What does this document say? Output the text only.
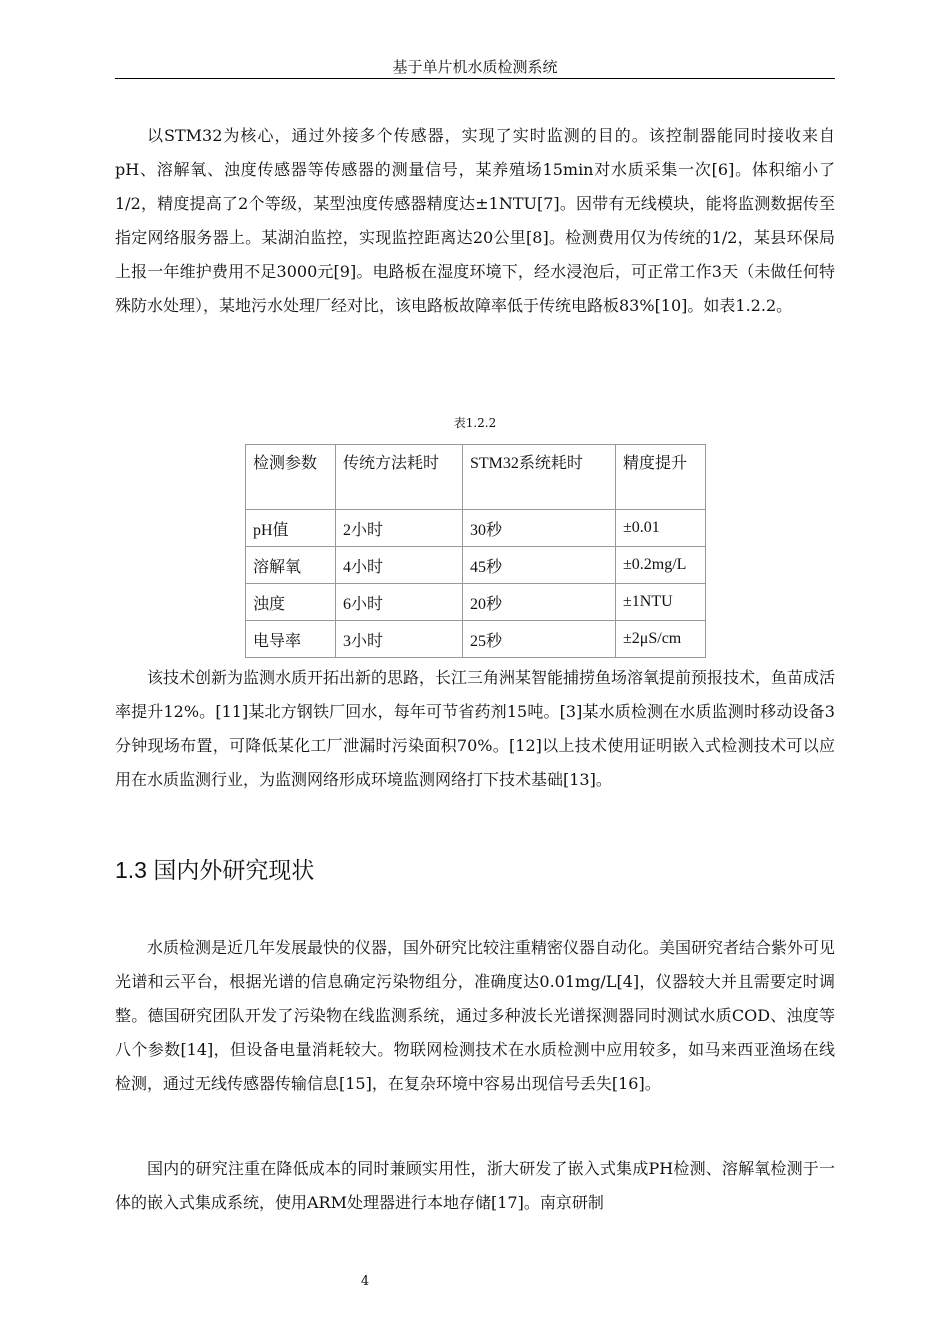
基于单片机水质检测系统

以STM32为核心，通过外接多个传感器，实现了实时监测的目的。该控制器能同时接收来自pH、溶解氧、浊度传感器等传感器的测量信号，某养殖场15min对水质采集一次[6]。体积缩小了1/2，精度提高了2个等级，某型浊度传感器精度达±1NTU[7]。因带有无线模块，能将监测数据传至指定网络服务器上。某湖泊监控，实现监控距离达20公里[8]。检测费用仅为传统的1/2，某县环保局上报一年维护费用不足3000元[9]。电路板在湿度环境下，经水浸泡后，可正常工作3天（未做任何特殊防水处理），某地污水处理厂经对比，该电路板故障率低于传统电路板83%[10]。如表1.2.2。

表1.2.2
检测参数	传统方法耗时	STM32系统耗时	精度提升
pH值	2小时	30秒	±0.01
溶解氧	4小时	45秒	±0.2mg/L
浊度	6小时	20秒	±1NTU
电导率	3小时	25秒	±2μS/cm

该技术创新为监测水质开拓出新的思路，长江三角洲某智能捕捞鱼场溶氧提前预报技术，鱼苗成活率提升12%。[11]某北方钢铁厂回水，每年可节省药剂15吨。[3]某水质检测在水质监测时移动设备3分钟现场布置，可降低某化工厂泄漏时污染面积70%。[12]以上技术使用证明嵌入式检测技术可以应用在水质监测行业，为监测网络形成环境监测网络打下技术基础[13]。

1.3 国内外研究现状

水质检测是近几年发展最快的仪器，国外研究比较注重精密仪器自动化。美国研究者结合紫外可见光谱和云平台，根据光谱的信息确定污染物组分，准确度达0.01mg/L[4]，仪器较大并且需要定时调整。德国研究团队开发了污染物在线监测系统，通过多种波长光谱探测器同时测试水质COD、浊度等八个参数[14]，但设备电量消耗较大。物联网检测技术在水质检测中应用较多，如马来西亚渔场在线检测，通过无线传感器传输信息[15]，在复杂环境中容易出现信号丢失[16]。

国内的研究注重在降低成本的同时兼顾实用性，浙大研发了嵌入式集成PH检测、溶解氧检测于一体的嵌入式集成系统，使用ARM处理器进行本地存储[17]。南京研制

4
